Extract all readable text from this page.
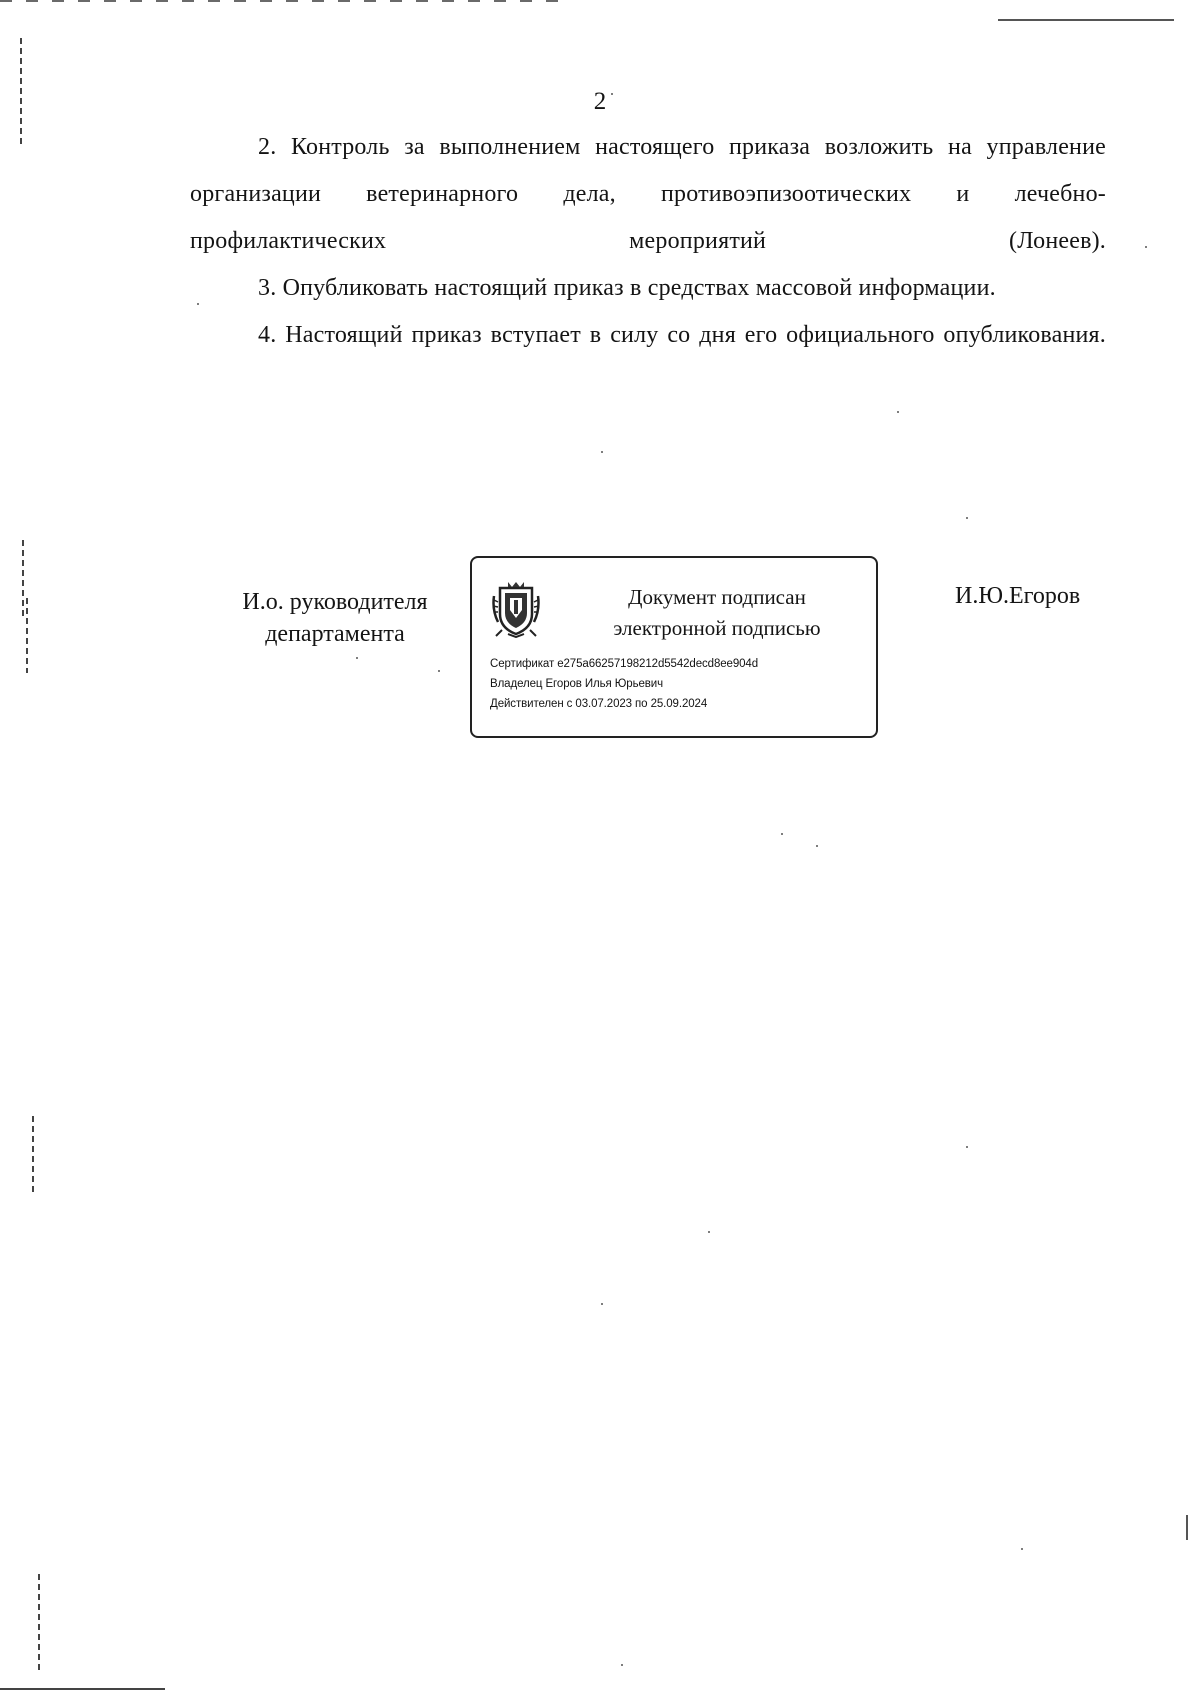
2

2. Контроль за выполнением настоящего приказа возложить на управление организации ветеринарного дела, противоэпизоотических и лечебно-профилактических мероприятий (Лонеев).

3. Опубликовать настоящий приказ в средствах массовой информации.

4. Настоящий приказ вступает в силу со дня его официального опубликования.

И.о. руководителя
департамента
Документ подписан
электронной подписью
Сертификат e275a66257198212d5542decd8ee904d
Владелец Егоров Илья Юрьевич
Действителен с 03.07.2023 по 25.09.2024
И.Ю.Егоров
